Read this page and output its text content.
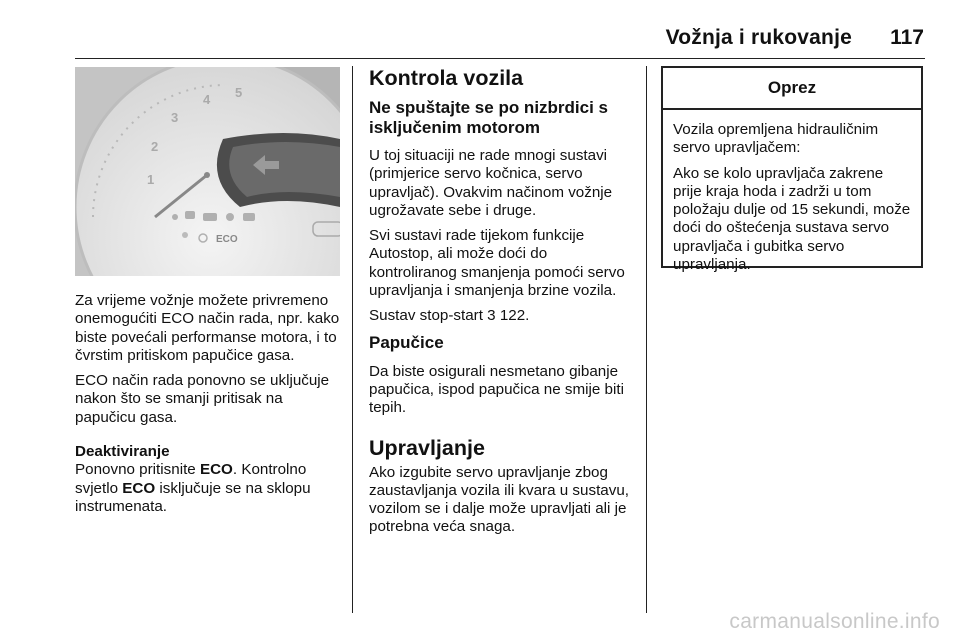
Vožnja i rukovanje 117
1
2
3
4 5
ECO

Za vrijeme vožnje možete privremeno onemogućiti ECO način rada, npr. kako biste povećali performanse motora, i to čvrstim pritiskom papučice gasa.

ECO način rada ponovno se uključuje nakon što se smanji pritisak na papučicu gasa.

Deaktiviranje

Ponovno pritisnite ECO. Kontrolno svjetlo ECO isključuje se na sklopu instrumenata.

Kontrola vozila
Ne spuštajte se po nizbrdici s isključenim motorom

U toj situaciji ne rade mnogi sustavi (primjerice servo kočnica, servo upravljač). Ovakvim načinom vožnje ugrožavate sebe i druge.

Svi sustavi rade tijekom funkcije Autostop, ali može doći do kontroliranog smanjenja pomoći servo upravljanja i smanjenja brzine vozila.

Sustav stop-start 3 122.

Papučice

Da biste osigurali nesmetano gibanje papučica, ispod papučica ne smije biti tepih.

Upravljanje

Ako izgubite servo upravljanje zbog zaustavljanja vozila ili kvara u sustavu, vozilom se i dalje može upravljati ali je potrebna veća snaga.

Oprez

Vozila opremljena hidrauličnim servo upravljačem:

Ako se kolo upravljača zakrene prije kraja hoda i zadrži u tom položaju dulje od 15 sekundi, može doći do oštećenja sustava servo upravljača i gubitka servo upravljanja.

carmanualsonline.info
